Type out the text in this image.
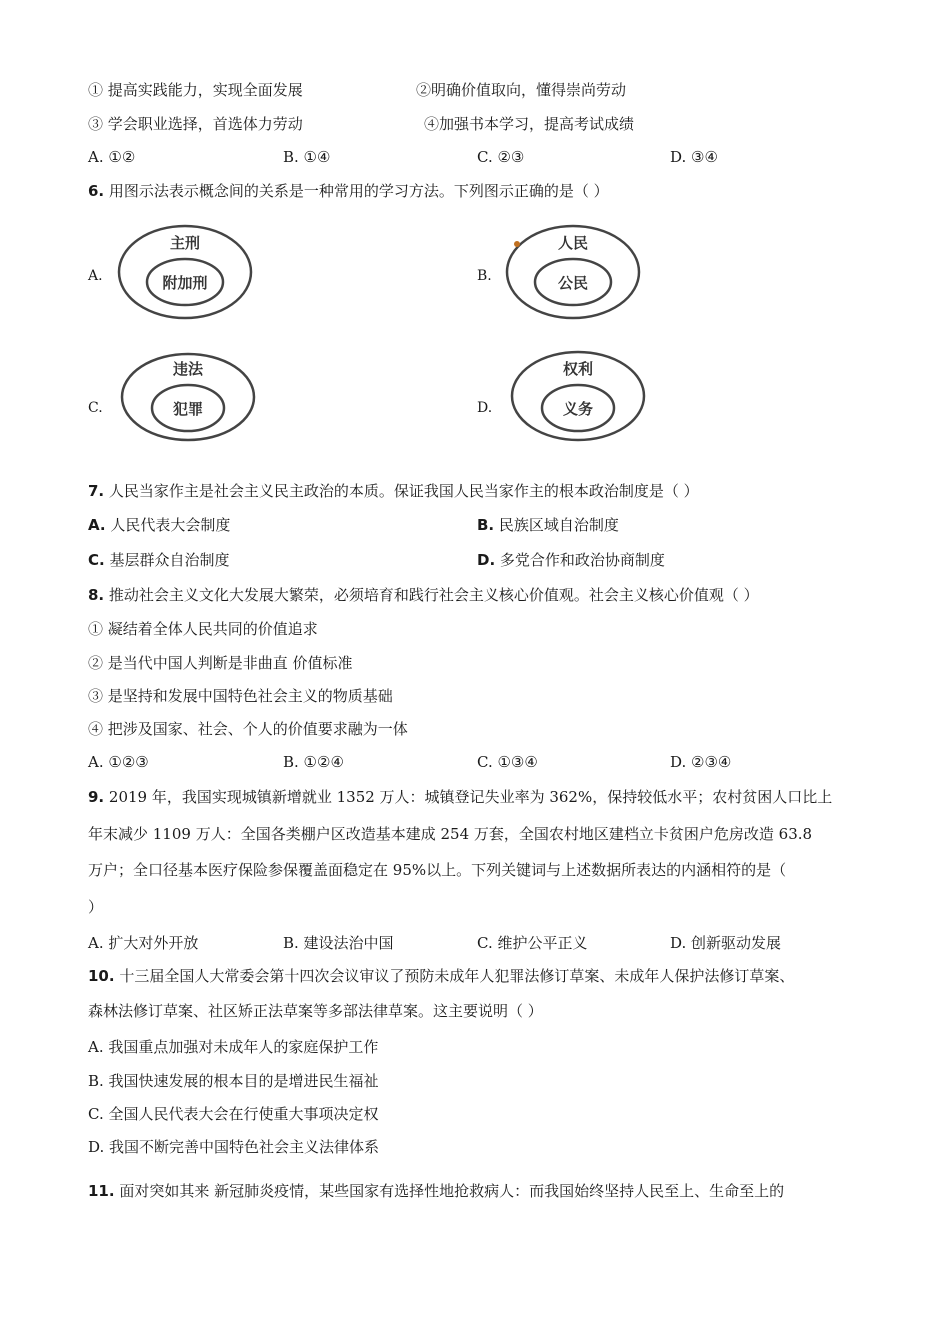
① 提高实践能力，实现全面发展	②明确价值取向，懂得崇尚劳动
③ 学会职业选择，首选体力劳动	④加强书本学习，提高考试成绩
A. ①②	B. ①④	C. ②③	D. ③④
6. 用图示法表示概念间的关系是一种常用的学习方法。下列图示正确的是（ ）
A.
主刑
附加刑	B.
人民
公民
C.
违法
犯罪	D.
权利
义务
7. 人民当家作主是社会主义民主政治的本质。保证我国人民当家作主的根本政治制度是（ ）
A. 人民代表大会制度	B. 民族区域自治制度
C. 基层群众自治制度	D. 多党合作和政治协商制度
8. 推动社会主义文化大发展大繁荣，必须培育和践行社会主义核心价值观。社会主义核心价值观（ ）
① 凝结着全体人民共同的价值追求
② 是当代中国人判断是非曲直 价值标准
③ 是坚持和发展中国特色社会主义的物质基础
④ 把涉及国家、社会、个人的价值要求融为一体
A. ①②③	B. ①②④	C. ①③④	D. ②③④
9. 2019 年，我国实现城镇新增就业 1352 万人：城镇登记失业率为 362%，保持较低水平；农村贫困人口比上
年末减少 1109 万人：全国各类棚户区改造基本建成 254 万套，全国农村地区建档立卡贫困户危房改造 63.8
万户；全口径基本医疗保险参保覆盖面稳定在 95%以上。下列关键词与上述数据所表达的内涵相符的是（
）
A. 扩大对外开放	B. 建设法治中国	C. 维护公平正义	D. 创新驱动发展
10. 十三届全国人大常委会第十四次会议审议了预防未成年人犯罪法修订草案、未成年人保护法修订草案、
森林法修订草案、社区矫正法草案等多部法律草案。这主要说明（ ）
A. 我国重点加强对未成年人的家庭保护工作
B. 我国快速发展的根本目的是增进民生福祉
C. 全国人民代表大会在行使重大事项决定权
D. 我国不断完善中国特色社会主义法律体系
11. 面对突如其来 新冠肺炎疫情，某些国家有选择性地抢救病人：而我国始终坚持人民至上、生命至上的
